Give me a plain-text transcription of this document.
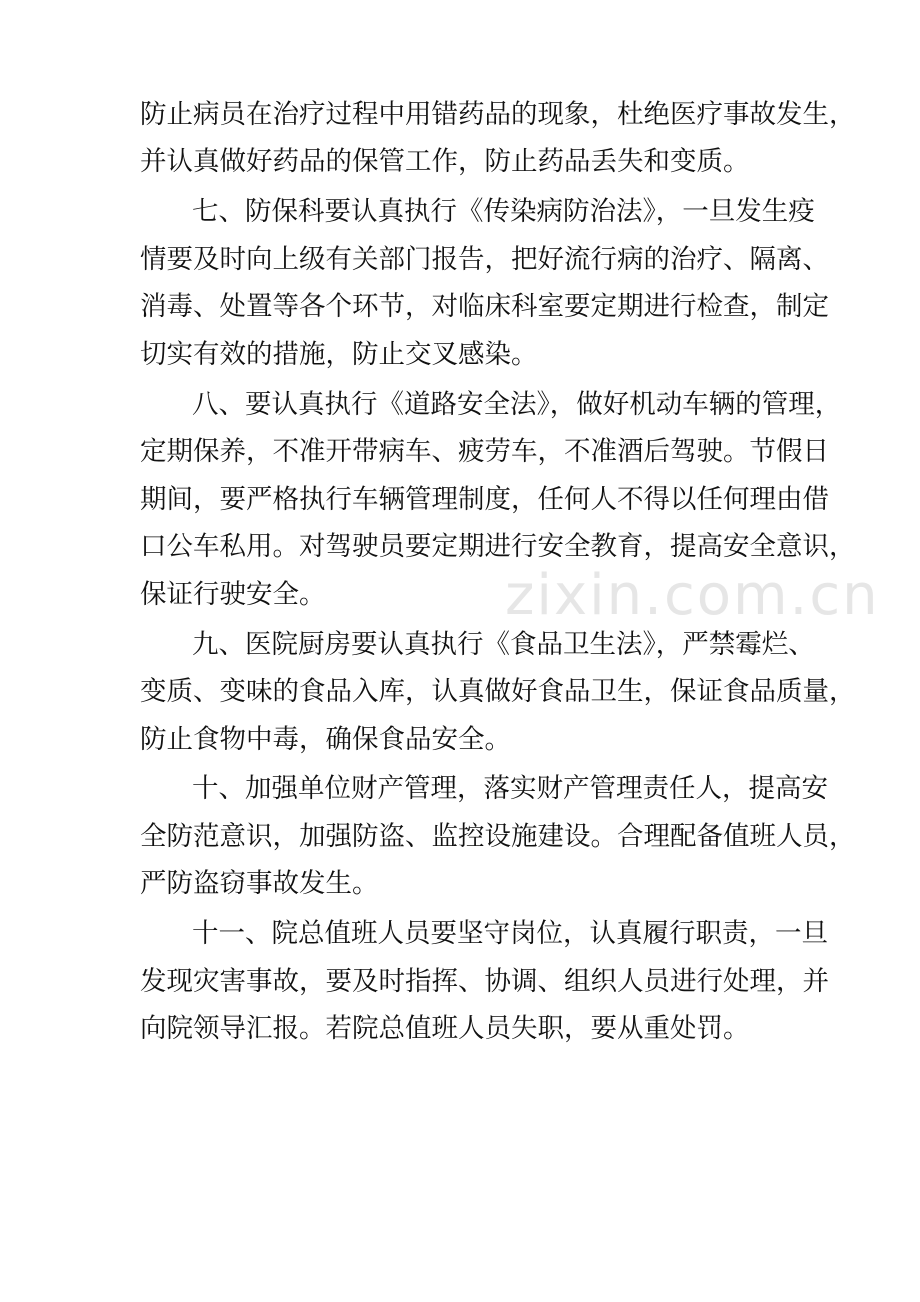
zixin.com.cn
防止病员在治疗过程中用错药品的现象，杜绝医疗事故发生，
并认真做好药品的保管工作，防止药品丢失和变质。
七、防保科要认真执行《传染病防治法》，一旦发生疫
情要及时向上级有关部门报告，把好流行病的治疗、隔离、
消毒、处置等各个环节，对临床科室要定期进行检查，制定
切实有效的措施，防止交叉感染。
八、要认真执行《道路安全法》，做好机动车辆的管理，
定期保养，不准开带病车、疲劳车，不准酒后驾驶。节假日
期间，要严格执行车辆管理制度，任何人不得以任何理由借
口公车私用。对驾驶员要定期进行安全教育，提高安全意识，
保证行驶安全。
九、医院厨房要认真执行《食品卫生法》，严禁霉烂、
变质、变味的食品入库，认真做好食品卫生，保证食品质量，
防止食物中毒，确保食品安全。
十、加强单位财产管理，落实财产管理责任人，提高安
全防范意识，加强防盗、监控设施建设。合理配备值班人员，
严防盗窃事故发生。
十一、院总值班人员要坚守岗位，认真履行职责，一旦
发现灾害事故，要及时指挥、协调、组织人员进行处理，并
向院领导汇报。若院总值班人员失职，要从重处罚。
